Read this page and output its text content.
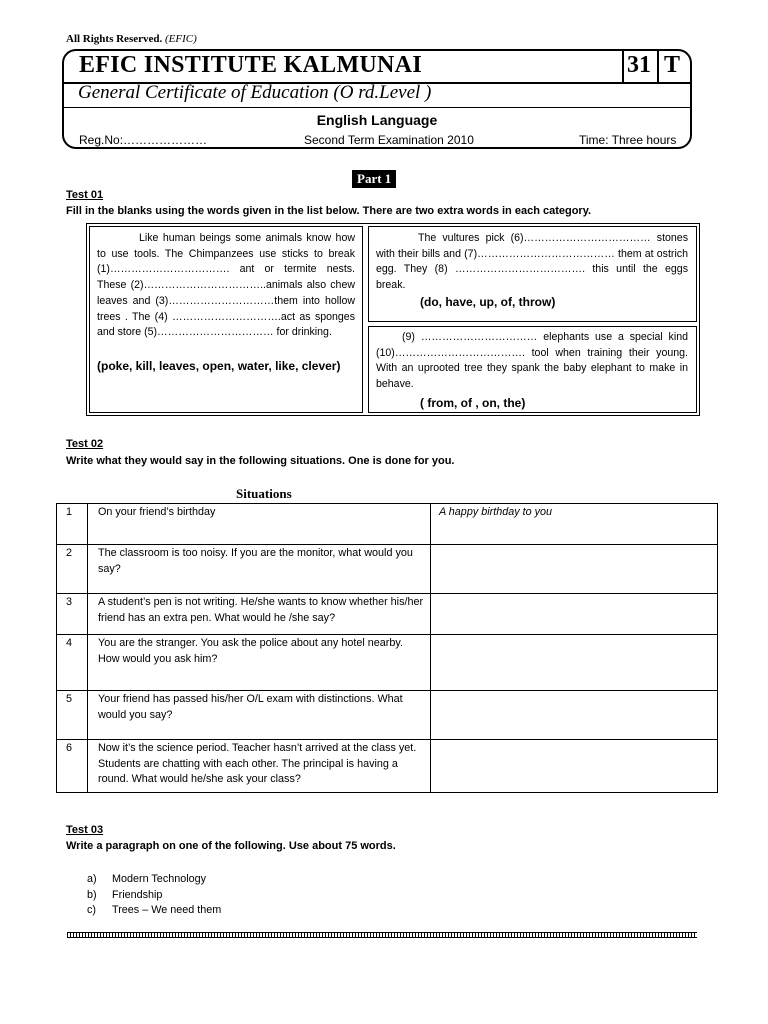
All Rights Reserved. (EFIC)
EFIC INSTITUTE KALMUNAI	31 T
General Certificate of Education (O rd.Level )
English Language
Reg.No:…………………	Second Term Examination 2010	Time: Three hours
Part 1
Test 01
Fill in the blanks using the words given in the list below. There are two extra words in each category.
Like human beings some animals know how to use tools. The Chimpanzees use sticks to break (1)……………………………. ant or termite nests. These (2)……………………………..animals also chew leaves and (3)…………………………them into hollow trees . The (4) ………………………….act as sponges and store (5)…………………………… for drinking.
(poke, kill, leaves, open, water, like, clever)
The vultures pick (6)……………………………… stones with their bills and (7)………………………………… them at ostrich egg. They (8) ………………………………. this until the eggs break.
(do, have, up, of, throw)
(9) …………………………… elephants use a special kind (10)………………………………. tool when training their young. With an uprooted tree they spank the baby elephant to make in behave.
( from, of , on, the)
Test 02
Write what they would say in the following situations. One is done for you.
Situations
1	On your friend’s birthday	A happy birthday to you
2	The classroom is too noisy. If you are the monitor, what would you say?	
3	A student’s pen is not writing. He/she wants to know whether his/her friend has an extra pen. What would he /she say?	
4	You are the stranger. You ask the police about any hotel nearby. How would you ask him?	
5	Your friend has passed his/her O/L exam with distinctions. What would you say?	
6	Now it’s the science period. Teacher hasn’t arrived at the class yet. Students are chatting with each other. The principal is having a round. What would he/she ask your class?	
Test 03
Write a paragraph on one of the following. Use about 75 words.
a) Modern Technology
b) Friendship
c) Trees – We need them
